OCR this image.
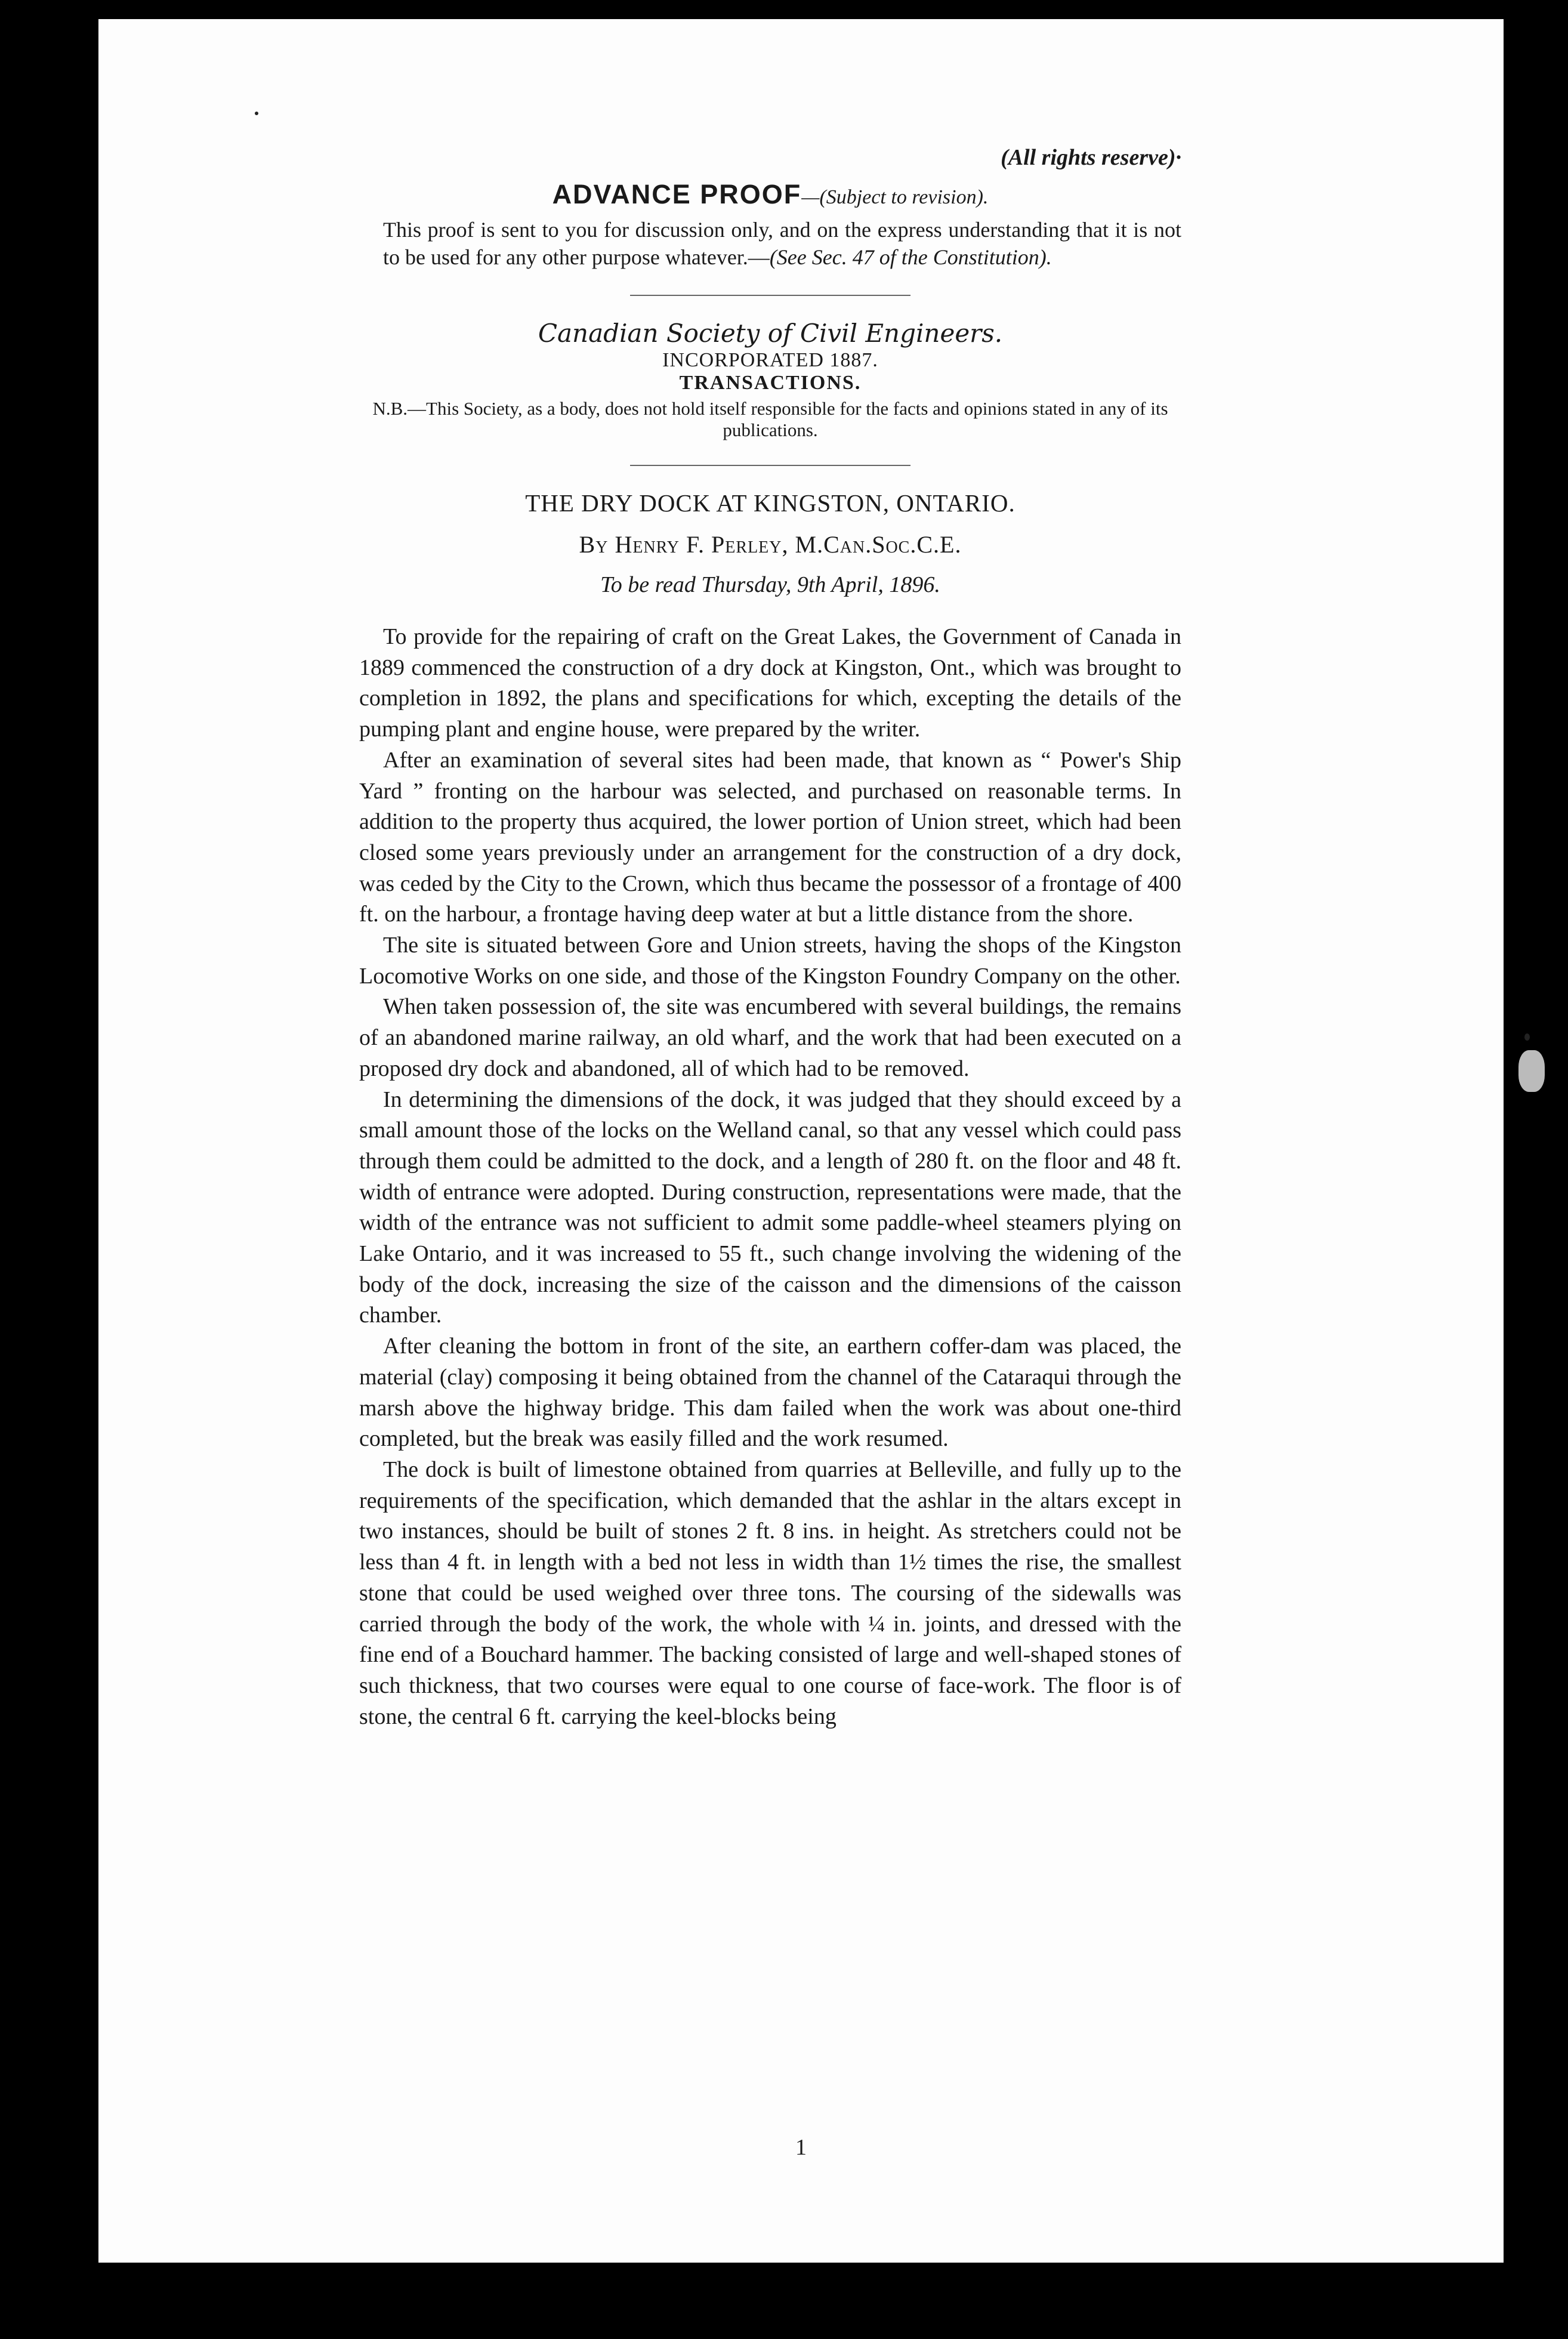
(All rights reserve)·

ADVANCE PROOF—(Subject to revision).

This proof is sent to you for discussion only, and on the express understanding that it is not to be used for any other purpose whatever.—(See Sec. 47 of the Constitution).

Canadian Society of Civil Engineers.

INCORPORATED 1887.

TRANSACTIONS.

N.B.—This Society, as a body, does not hold itself responsible for the facts and opinions stated in any of its publications.

THE DRY DOCK AT KINGSTON, ONTARIO.

By Henry F. Perley, M.Can.Soc.C.E.

To be read Thursday, 9th April, 1896.

To provide for the repairing of craft on the Great Lakes, the Government of Canada in 1889 commenced the construction of a dry dock at Kingston, Ont., which was brought to completion in 1892, the plans and specifications for which, excepting the details of the pumping plant and engine house, were prepared by the writer.

After an examination of several sites had been made, that known as “ Power's Ship Yard ” fronting on the harbour was selected, and purchased on reasonable terms. In addition to the property thus acquired, the lower portion of Union street, which had been closed some years previously under an arrangement for the construction of a dry dock, was ceded by the City to the Crown, which thus became the possessor of a frontage of 400 ft. on the harbour, a frontage having deep water at but a little distance from the shore.

The site is situated between Gore and Union streets, having the shops of the Kingston Locomotive Works on one side, and those of the Kingston Foundry Company on the other.

When taken possession of, the site was encumbered with several buildings, the remains of an abandoned marine railway, an old wharf, and the work that had been executed on a proposed dry dock and abandoned, all of which had to be removed.

In determining the dimensions of the dock, it was judged that they should exceed by a small amount those of the locks on the Welland canal, so that any vessel which could pass through them could be admitted to the dock, and a length of 280 ft. on the floor and 48 ft. width of entrance were adopted. During construction, representations were made, that the width of the entrance was not sufficient to admit some paddle-wheel steamers plying on Lake Ontario, and it was increased to 55 ft., such change involving the widening of the body of the dock, increasing the size of the caisson and the dimensions of the caisson chamber.

After cleaning the bottom in front of the site, an earthern coffer-dam was placed, the material (clay) composing it being obtained from the channel of the Cataraqui through the marsh above the highway bridge. This dam failed when the work was about one-third completed, but the break was easily filled and the work resumed.

The dock is built of limestone obtained from quarries at Belleville, and fully up to the requirements of the specification, which demanded that the ashlar in the altars except in two instances, should be built of stones 2 ft. 8 ins. in height. As stretchers could not be less than 4 ft. in length with a bed not less in width than 1½ times the rise, the smallest stone that could be used weighed over three tons. The coursing of the sidewalls was carried through the body of the work, the whole with ¼ in. joints, and dressed with the fine end of a Bouchard hammer. The backing consisted of large and well-shaped stones of such thickness, that two courses were equal to one course of face-work. The floor is of stone, the central 6 ft. carrying the keel-blocks being

1
